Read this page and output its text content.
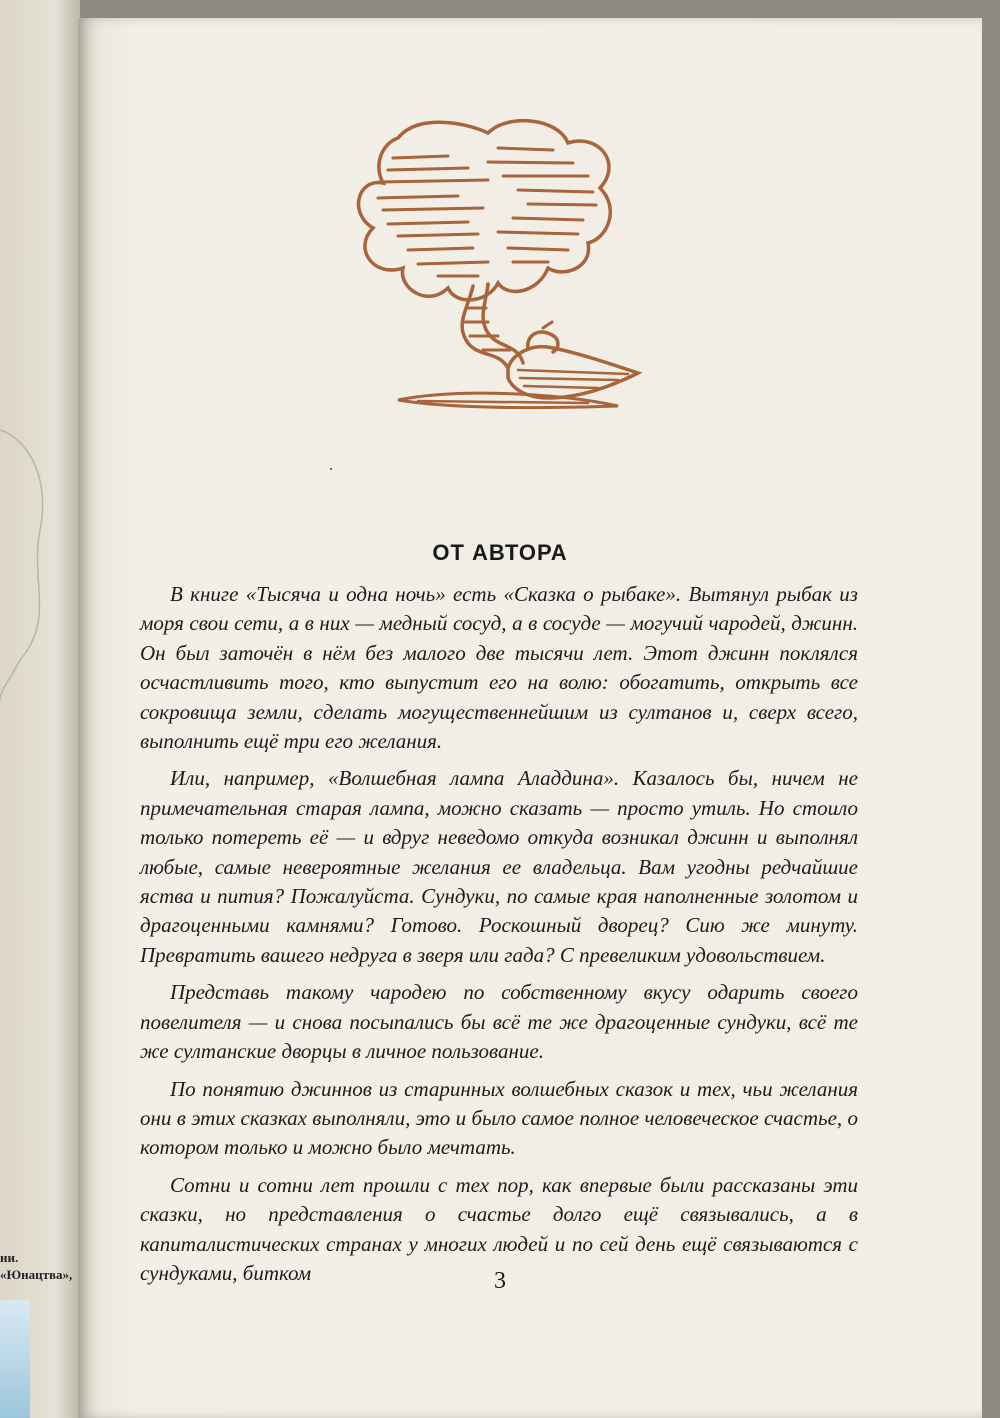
ни.
«Юнацтва»,
ОТ АВТОРА

В книге «Тысяча и одна ночь» есть «Сказка о рыбаке». Вытянул рыбак из моря свои сети, а в них — медный сосуд, а в сосуде — могучий чародей, джинн. Он был заточён в нём без малого две тысячи лет. Этот джинн поклялся осчастливить того, кто выпустит его на волю: обогатить, открыть все сокровища земли, сделать могущественнейшим из султанов и, сверх всего, выполнить ещё три его желания.

Или, например, «Волшебная лампа Аладдина». Казалось бы, ничем не примечательная старая лампа, можно сказать — просто утиль. Но стоило только потереть её — и вдруг неведомо откуда возникал джинн и выполнял любые, самые невероятные желания ее владельца. Вам угодны редчайшие яства и пития? Пожалуйста. Сундуки, по самые края наполненные золотом и драгоценными камнями? Готово. Роскошный дворец? Сию же минуту. Превратить вашего недруга в зверя или гада? С превеликим удовольствием.

Представь такому чародею по собственному вкусу одарить своего повелителя — и снова посыпались бы всё те же драгоценные сундуки, всё те же султанские дворцы в личное пользование.

По понятию джиннов из старинных волшебных сказок и тех, чьи желания они в этих сказках выполняли, это и было самое полное человеческое счастье, о котором только и можно было мечтать.

Сотни и сотни лет прошли с тех пор, как впервые были рассказаны эти сказки, но представления о счастье долго ещё связывались, а в капиталистических странах у многих людей и по сей день ещё связываются с сундуками, битком	3
